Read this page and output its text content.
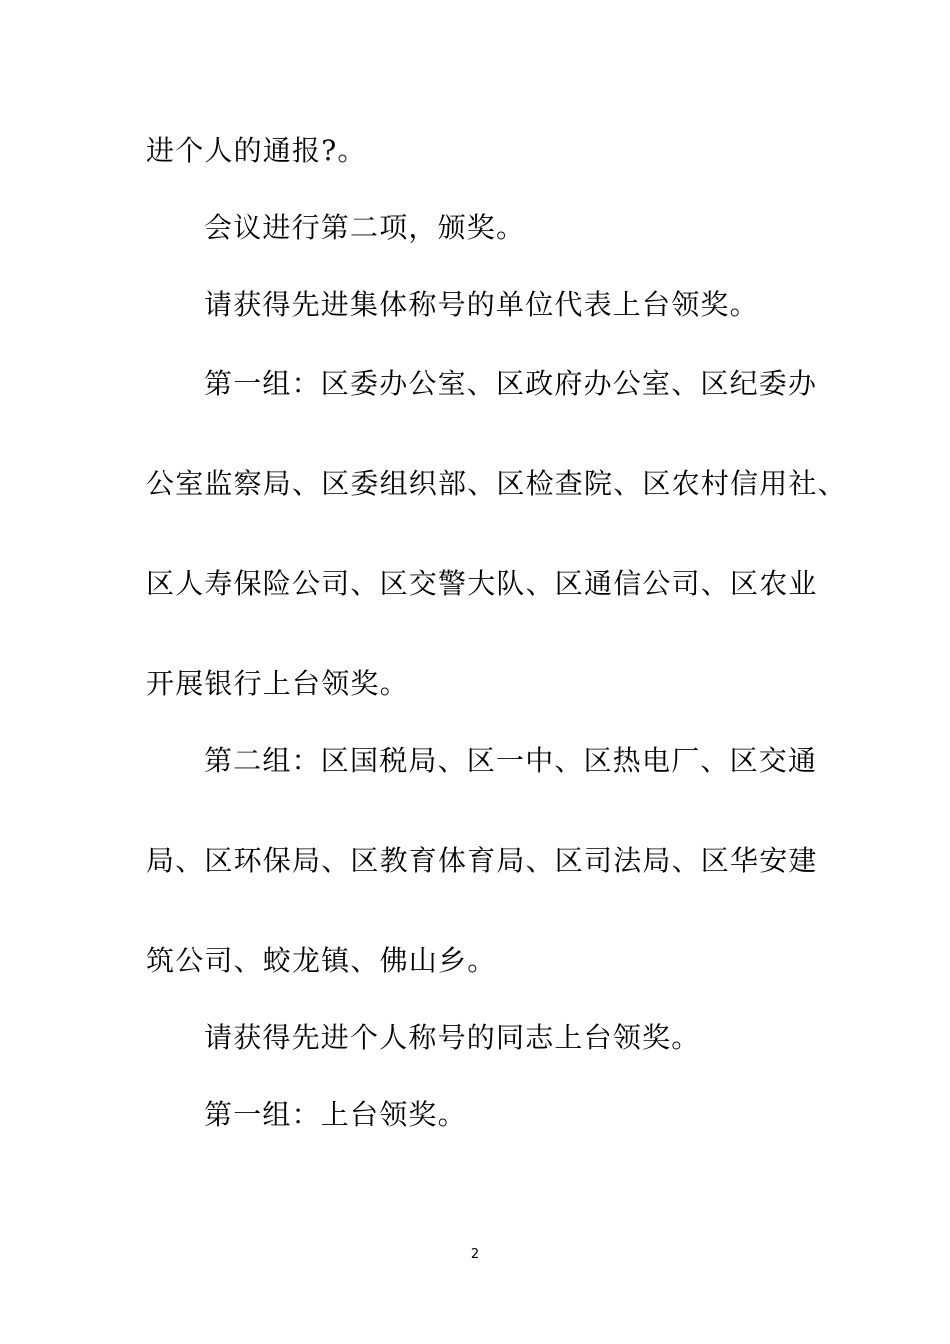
进个人的通报?。
会议进行第二项，颁奖。
请获得先进集体称号的单位代表上台领奖。
第一组：区委办公室、区政府办公室、区纪委办
公室监察局、区委组织部、区检查院、区农村信用社、
区人寿保险公司、区交警大队、区通信公司、区农业
开展银行上台领奖。
第二组：区国税局、区一中、区热电厂、区交通
局、区环保局、区教育体育局、区司法局、区华安建
筑公司、蛟龙镇、佛山乡。
请获得先进个人称号的同志上台领奖。
第一组：上台领奖。
2
